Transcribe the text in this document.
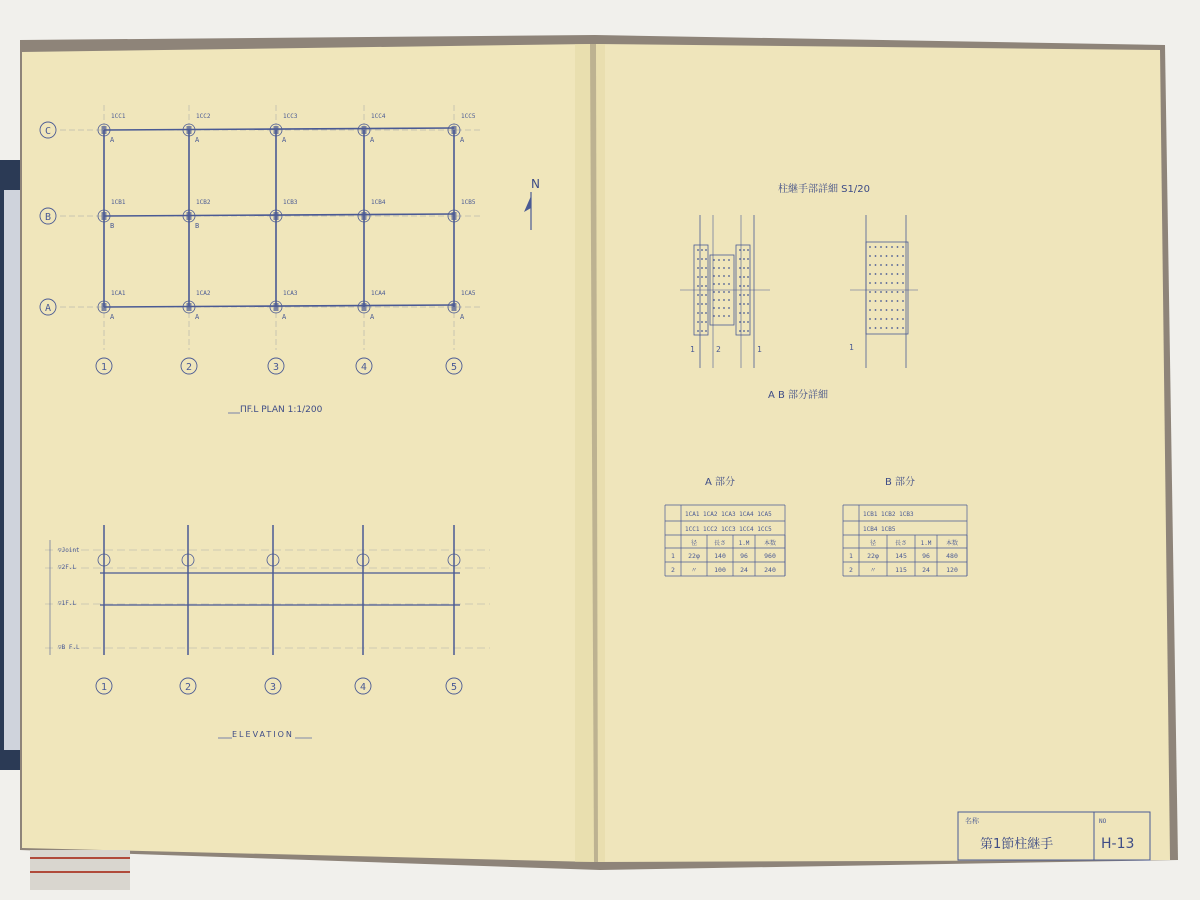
C
B
A
1	2	3	4	5
1CC1
A
1CC2
A
1CC3
A
1CC4
A
1CC5
A
1CB1
B
1CB2
B
1CB3	1CB4	1CB5
1CA1
A
1CA2
A
1CA3
A
1CA4
A
1CA5
A
N
▽Joint
▽2F.L
▽1F.L
▽B F.L
1	2	3	4	5
1	2	1	1
ΠF.L PLAN 1:1/200
ELEVATION
柱継手部詳細 S1/20
A B 部分詳細
A 部分
1CA1 1CA2 1CA3 1CA4 1CA5
1CC1 1CC2 1CC3 1CC4 1CC5
径	長さ 1.M 本数
1 22φ 140 96 960
2 〃	100 24 240
B 部分
1CB1 1CB2 1CB3
1CB4 1CB5
径	長さ 1.M 本数
1 22φ	145 96 480
2	〃	115 24 120
名称	NO
第1節柱継手	H-13
